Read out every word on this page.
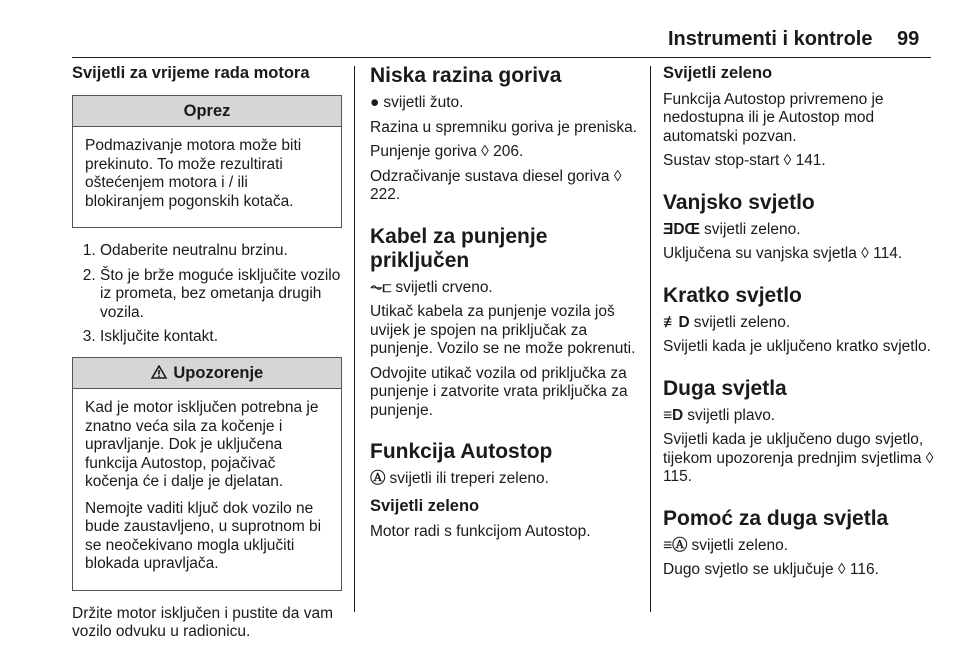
Instrumenti i kontrole 99
Svijetli za vrijeme rada motora
Oprez

Podmazivanje motora može biti prekinuto. To može rezultirati oštećenjem motora i / ili blokiranjem pogonskih kotača.

1. Odaberite neutralnu brzinu.
2. Što je brže moguće isključite vozilo iz prometa, bez ometanja drugih vozila.
3. Isključite kontakt.
Upozorenje

Kad je motor isključen potrebna je znatno veća sila za kočenje i upravljanje. Dok je uključena funkcija Autostop, pojačivač kočenja će i dalje je djelatan.

Nemojte vaditi ključ dok vozilo ne bude zaustavljeno, u suprotnom bi se neočekivano mogla uključiti blokada upravljača.

Držite motor isključen i pustite da vam vozilo odvuku u radionicu.

Niska razina goriva

● svijetli žuto.

Razina u spremniku goriva je preniska.

Punjenje goriva ◊ 206.

Odzračivanje sustava diesel goriva ◊ 222.

Kabel za punjenje priključen

⏦⊏ svijetli crveno.

Utikač kabela za punjenje vozila još uvijek je spojen na priključak za punjenje. Vozilo se ne može pokrenuti.

Odvojite utikač vozila od priključka za punjenje i zatvorite vrata priključka za punjenje.

Funkcija Autostop

Ⓐ svijetli ili treperi zeleno.

Svijetli zeleno

Motor radi s funkcijom Autostop.

Svijetli zeleno

Funkcija Autostop privremeno je nedostupna ili je Autostop mod automatski pozvan.

Sustav stop-start ◊ 141.

Vanjsko svjetlo

ƎDŒ svijetli zeleno.

Uključena su vanjska svjetla ◊ 114.

Kratko svjetlo

≢D svijetli zeleno.

Svijetli kada je uključeno kratko svjetlo.

Duga svjetla

≡D svijetli plavo.

Svijetli kada je uključeno dugo svjetlo, tijekom upozorenja prednjim svjetlima ◊ 115.

Pomoć za duga svjetla

≡Ⓐ svijetli zeleno.

Dugo svjetlo se uključuje ◊ 116.
